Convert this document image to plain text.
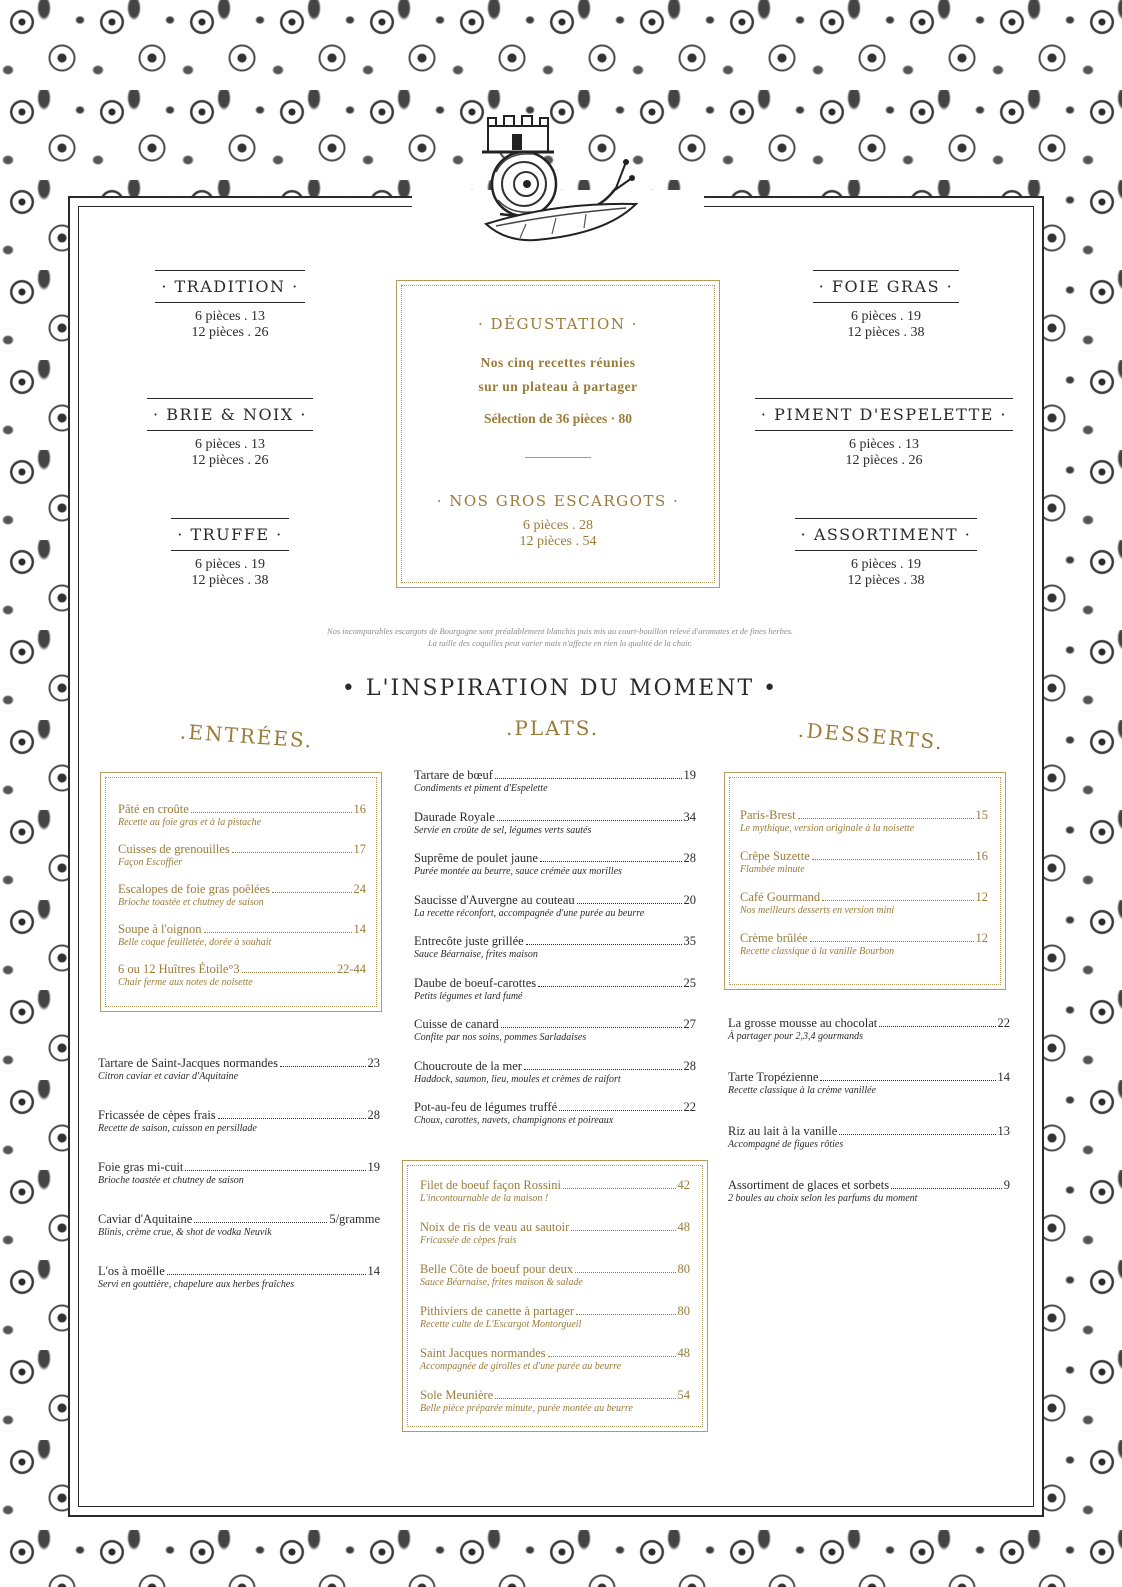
· TRADITION ·
6 pièces . 13
12 pièces . 26
· BRIE & NOIX ·
6 pièces . 13
12 pièces . 26
· TRUFFE ·
6 pièces . 19
12 pièces . 38
· FOIE GRAS ·
6 pièces . 19
12 pièces . 38
· PIMENT D'ESPELETTE ·
6 pièces . 13
12 pièces . 26
· ASSORTIMENT ·
6 pièces . 19
12 pièces . 38
· DÉGUSTATION ·
Nos cinq recettes réunies
sur un plateau à partager
Sélection de 36 pièces · 80
· NOS GROS ESCARGOTS ·
6 pièces . 28
12 pièces . 54
Nos incomparables escargots de Bourgogne sont préalablement blanchis puis mis au court-bouillon relevé d'aromates et de fines herbes.
La taille des coquilles peut varier mais n'affecte en rien la qualité de la chair.
• L'INSPIRATION DU MOMENT •
.ENTRÉES.	.PLATS.	.DESSERTS.
Pâté en croûte	16
Recette au foie gras et à la pistache
Cuisses de grenouilles	17
Façon Escoffier
Escalopes de foie gras poêlées	24
Brioche toastée et chutney de saison
Soupe à l'oignon	14
Belle coque feuilletée, dorée à souhait
6 ou 12 Huîtres Étoile°3	22-44
Chair ferme aux notes de noisette
Tartare de Saint-Jacques normandes	23
Citron caviar et caviar d'Aquitaine
Fricassée de cèpes frais	28
Recette de saison, cuisson en persillade
Foie gras mi-cuit	19
Brioche toastée et chutney de saison
Caviar d'Aquitaine	5/gramme
Blinis, crème crue, & shot de vodka Neuvik
L'os à moëlle	14
Servi en gouttière, chapelure aux herbes fraîches
Tartare de bœuf	19
Condiments et piment d'Espelette
Daurade Royale	34
Servie en croûte de sel, légumes verts sautés
Suprême de poulet jaune	28
Purée montée au beurre, sauce crémée aux morilles
Saucisse d'Auvergne au couteau	20
La recette réconfort, accompagnée d'une purée au beurre
Entrecôte juste grillée	35
Sauce Béarnaise, frites maison
Daube de boeuf-carottes	25
Petits légumes et lard fumé
Cuisse de canard	27
Confite par nos soins, pommes Sarladaises
Choucroute de la mer	28
Haddock, saumon, lieu, moules et crèmes de raifort
Pot-au-feu de légumes truffé	22
Choux, carottes, navets, champignons et poireaux
Filet de boeuf façon Rossini	42
L'incontournable de la maison !
Noix de ris de veau au sautoir	48
Fricassée de cèpes frais
Belle Côte de boeuf pour deux	80
Sauce Béarnaise, frites maison & salade
Pithiviers de canette à partager	80
Recette culte de L'Escargot Montorgueil
Saint Jacques normandes	48
Accompagnée de girolles et d'une purée au beurre
Sole Meunière	54
Belle pièce préparée minute, purée montée au beurre
Paris-Brest	15
Le mythique, version originale à la noisette
Crêpe Suzette	16
Flambée minute
Café Gourmand	12
Nos meilleurs desserts en version mini
Crème brûlée	12
Recette classique à la vanille Bourbon
La grosse mousse au chocolat	22
À partager pour 2,3,4 gourmands
Tarte Tropézienne	14
Recette classique à la crème vanillée
Riz au lait à la vanille	13
Accompagné de figues rôties
Assortiment de glaces et sorbets	9
2 boules au choix selon les parfums du moment
